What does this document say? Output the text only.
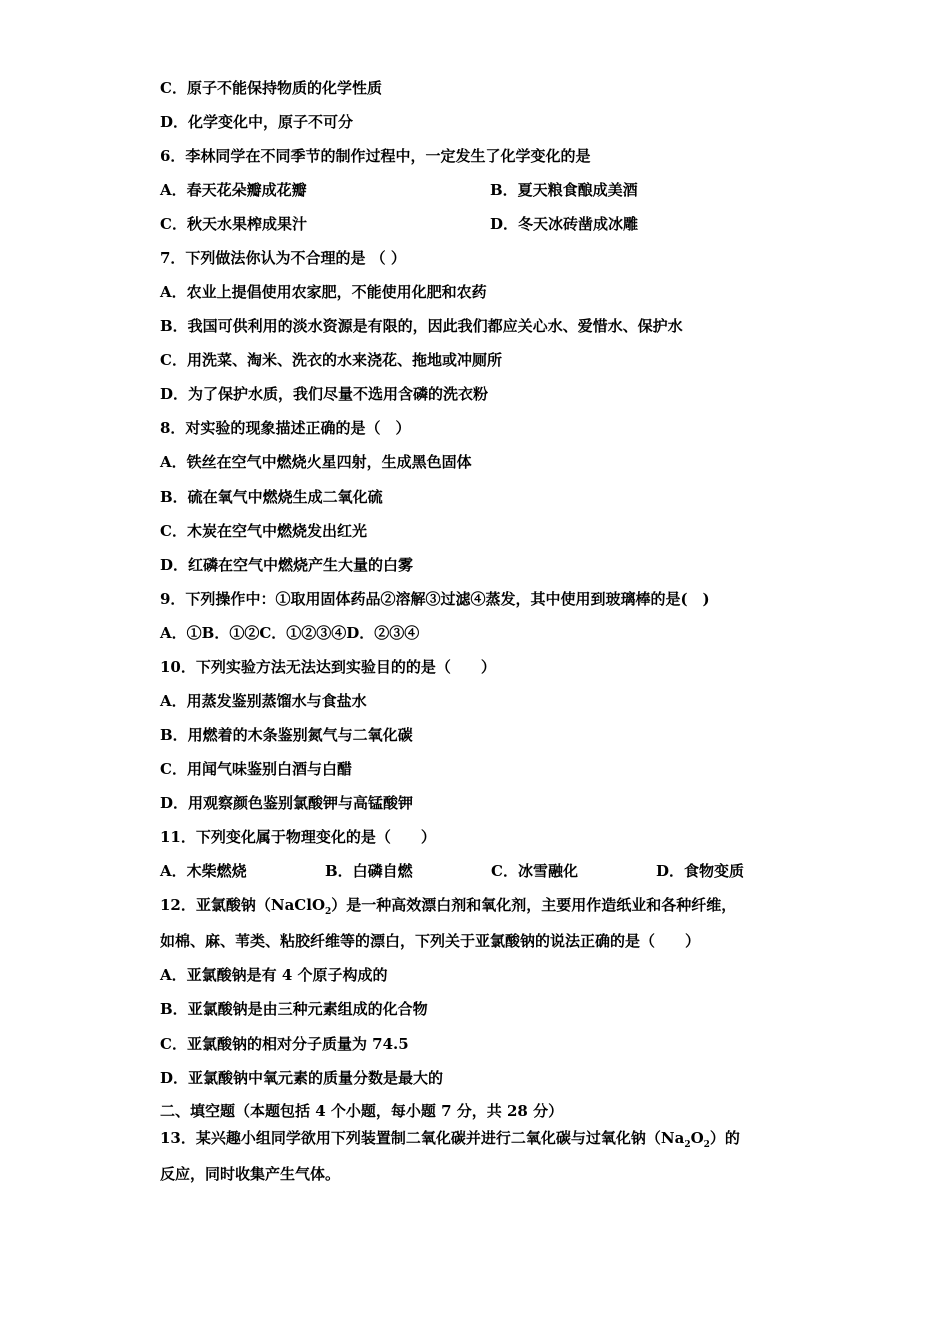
C．原子不能保持物质的化学性质
D．化学变化中，原子不可分
6．李林同学在不同季节的制作过程中，一定发生了化学变化的是
A．春天花朵瓣成花瓣	B．夏天粮食酿成美酒
C．秋天水果榨成果汁	D．冬天冰砖凿成冰雕
7．下列做法你认为不合理的是 （ ）
A．农业上提倡使用农家肥，不能使用化肥和农药
B．我国可供利用的淡水资源是有限的，因此我们都应关心水、爱惜水、保护水
C．用洗菜、淘米、洗衣的水来浇花、拖地或冲厕所
D．为了保护水质，我们尽量不选用含磷的洗衣粉
8．对实验的现象描述正确的是（　）
A．铁丝在空气中燃烧火星四射，生成黑色固体
B．硫在氧气中燃烧生成二氧化硫
C．木炭在空气中燃烧发出红光
D．红磷在空气中燃烧产生大量的白雾
9．下列操作中：①取用固体药品②溶解③过滤④蒸发，其中使用到玻璃棒的是(　)
A．①B．①②C．①②③④D．②③④
10．下列实验方法无法达到实验目的的是（　　）
A．用蒸发鉴别蒸馏水与食盐水
B．用燃着的木条鉴别氮气与二氧化碳
C．用闻气味鉴别白酒与白醋
D．用观察颜色鉴别氯酸钾与高锰酸钾
11．下列变化属于物理变化的是（　　）
A．木柴燃烧	B．白磷自燃	C．冰雪融化	D．食物变质
12．亚氯酸钠（NaClO$_2$）是一种高效漂白剂和氧化剂，主要用作造纸业和各种纤维，
如棉、麻、苇类、粘胶纤维等的漂白，下列关于亚氯酸钠的说法正确的是（　　）
A．亚氯酸钠是有 4 个原子构成的
B．亚氯酸钠是由三种元素组成的化合物
C．亚氯酸钠的相对分子质量为 74.5
D．亚氯酸钠中氧元素的质量分数是最大的
二、填空题（本题包括 4 个小题，每小题 7 分，共 28 分）
13．某兴趣小组同学欲用下列装置制二氧化碳并进行二氧化碳与过氧化钠$(Na_2O_2)$的
反应，同时收集产生气体。
